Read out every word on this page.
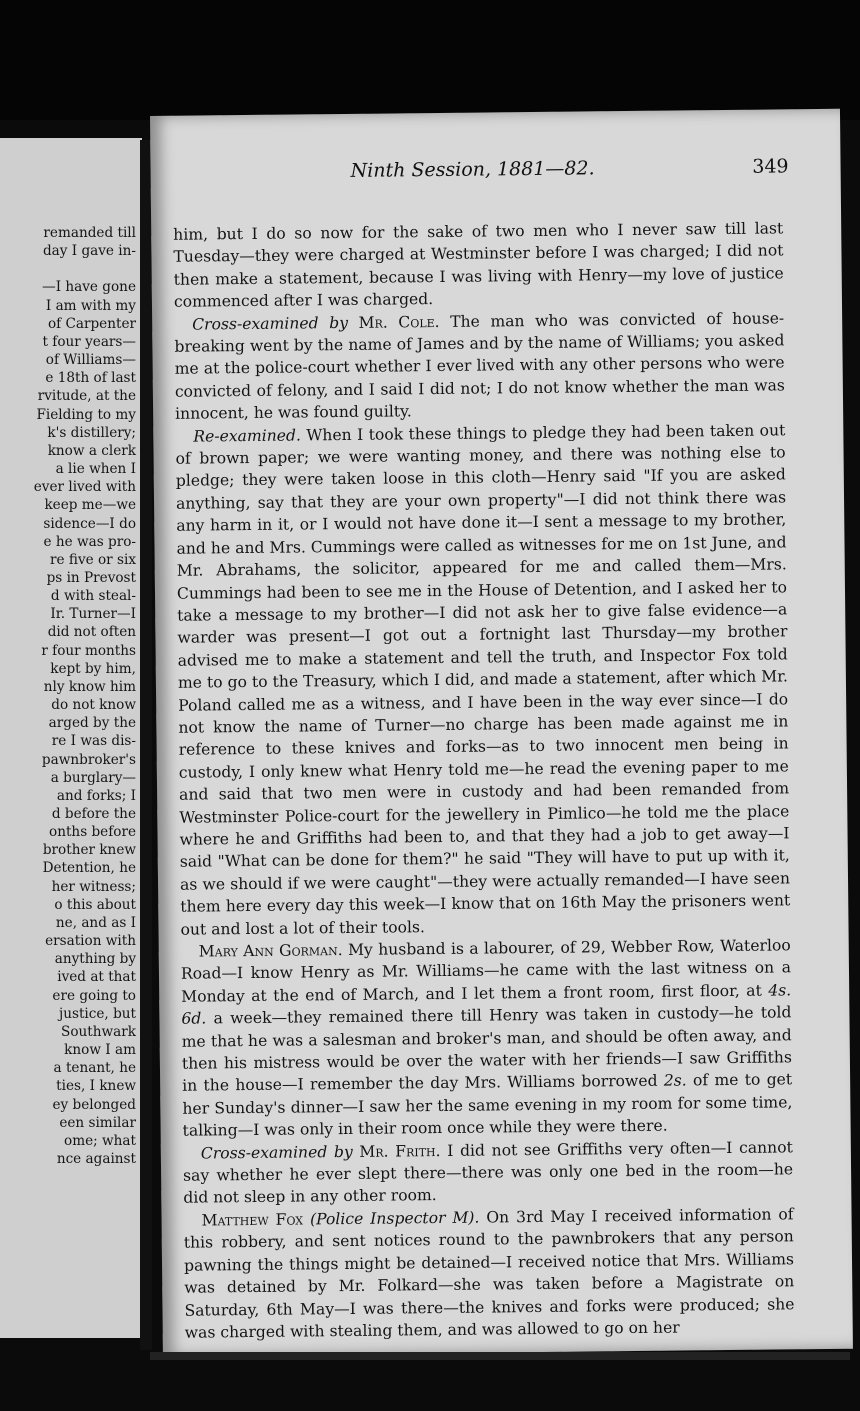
remanded till
day I gave in-

—I have gone
I am with my
of Carpenter
t four years—
of Williams—
e 18th of last
rvitude, at the
Fielding to my
k's distillery;
know a clerk
a lie when I
ever lived with
keep me—we
sidence—I do
e he was pro-
re five or six
ps in Prevost
d with steal-
Ir. Turner—I
did not often
r four months
kept by him,
nly know him
do not know
arged by the
re I was dis-
pawnbroker's
a burglary—
and forks; I
d before the
onths before
brother knew
Detention, he
her witness;
o this about
ne, and as I
ersation with
anything by
ived at that
ere going to
justice, but
Southwark
know I am
a tenant, he
ties, I knew
ey belonged
een similar
ome; what
nce against
Ninth Session, 1881—82.	349

him, but I do so now for the sake of two men who I never saw till last Tuesday—they were charged at Westminster before I was charged; I did not then make a statement, because I was living with Henry—my love of justice commenced after I was charged.

Cross-examined by Mr. Cole. The man who was convicted of house-breaking went by the name of James and by the name of Williams; you asked me at the police-court whether I ever lived with any other persons who were convicted of felony, and I said I did not; I do not know whether the man was innocent, he was found guilty.

Re-examined. When I took these things to pledge they had been taken out of brown paper; we were wanting money, and there was nothing else to pledge; they were taken loose in this cloth—Henry said "If you are asked anything, say that they are your own property"—I did not think there was any harm in it, or I would not have done it—I sent a message to my brother, and he and Mrs. Cummings were called as witnesses for me on 1st June, and Mr. Abrahams, the solicitor, appeared for me and called them—Mrs. Cummings had been to see me in the House of Detention, and I asked her to take a message to my brother—I did not ask her to give false evidence—a warder was present—I got out a fortnight last Thursday—my brother advised me to make a statement and tell the truth, and Inspector Fox told me to go to the Treasury, which I did, and made a statement, after which Mr. Poland called me as a witness, and I have been in the way ever since—I do not know the name of Turner—no charge has been made against me in reference to these knives and forks—as to two innocent men being in custody, I only knew what Henry told me—he read the evening paper to me and said that two men were in custody and had been remanded from Westminster Police-court for the jewellery in Pimlico—he told me the place where he and Griffiths had been to, and that they had a job to get away—I said "What can be done for them?" he said "They will have to put up with it, as we should if we were caught"—they were actually remanded—I have seen them here every day this week—I know that on 16th May the prisoners went out and lost a lot of their tools.

Mary Ann Gorman. My husband is a labourer, of 29, Webber Row, Waterloo Road—I know Henry as Mr. Williams—he came with the last witness on a Monday at the end of March, and I let them a front room, first floor, at 4s. 6d. a week—they remained there till Henry was taken in custody—he told me that he was a salesman and broker's man, and should be often away, and then his mistress would be over the water with her friends—I saw Griffiths in the house—I remember the day Mrs. Williams borrowed 2s. of me to get her Sunday's dinner—I saw her the same evening in my room for some time, talking—I was only in their room once while they were there.

Cross-examined by Mr. Frith. I did not see Griffiths very often—I cannot say whether he ever slept there—there was only one bed in the room—he did not sleep in any other room.

Matthew Fox (Police Inspector M). On 3rd May I received information of this robbery, and sent notices round to the pawnbrokers that any person pawning the things might be detained—I received notice that Mrs. Williams was detained by Mr. Folkard—she was taken before a Magistrate on Saturday, 6th May—I was there—the knives and forks were produced; she was charged with stealing them, and was allowed to go on her
